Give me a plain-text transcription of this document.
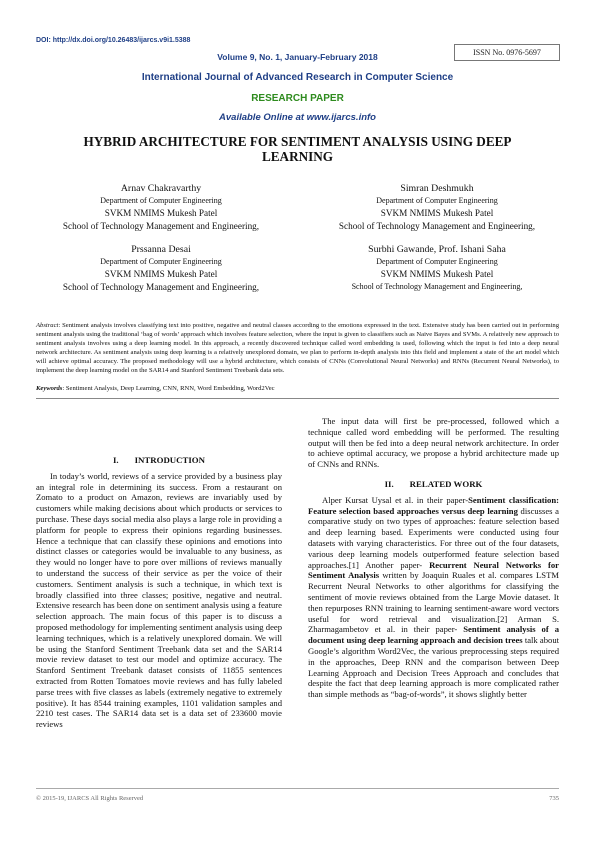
DOI: http://dx.doi.org/10.26483/ijarcs.v9i1.5388
ISSN No. 0976-5697
Volume 9, No. 1, January-February 2018
International Journal of Advanced Research in Computer Science
RESEARCH PAPER
Available Online at www.ijarcs.info
HYBRID ARCHITECTURE FOR SENTIMENT ANALYSIS USING DEEP LEARNING
Arnav Chakravarthy
Department of Computer Engineering
SVKM NMIMS Mukesh Patel
School of Technology Management and Engineering,
Simran Deshmukh
Department of Computer Engineering
SVKM NMIMS Mukesh Patel
School of Technology Management and Engineering,
Prssanna Desai
Department of Computer Engineering
SVKM NMIMS Mukesh Patel
School of Technology Management and Engineering,
Surbhi Gawande, Prof. Ishani Saha
Department of Computer Engineering
SVKM NMIMS Mukesh Patel
School of Technology Management and Engineering,
Abstract: Sentiment analysis involves classifying text into positive, negative and neutral classes according to the emotions expressed in the text. Extensive study has been carried out in performing sentiment analysis using the traditional ‘bag of words’ approach which involves feature selection, where the input is given to classifiers such as Naive Bayes and SVMs. A relatively new approach to sentiment analysis involves using a deep learning model. In this approach, a recently discovered technique called word embedding is used, following which the input is fed into a deep neural network architecture. As sentiment analysis using deep learning is a relatively unexplored domain, we plan to perform in-depth analysis into this field and implement a state of the art model which will achieve optimal accuracy. The proposed methodology will use a hybrid architecture, which consists of CNNs (Convolutional Neural Networks) and RNNs (Recurrent Neural Networks), to implement the deep learning model on the SAR14 and Stanford Sentiment Treebank data sets.
Keywords: Sentiment Analysis, Deep Learning, CNN, RNN, Word Embedding, Word2Vec
I. INTRODUCTION

In today’s world, reviews of a service provided by a business play an integral role in determining its success. From a restaurant on Zomato to a product on Amazon, reviews are invariably used by customers while making decisions about which products or services to purchase. These days social media also plays a large role in providing a platform for people to express their opinions regarding businesses. Hence a technique that can classify these opinions and emotions into distinct classes or categories would be invaluable to any business, as they would no longer have to pore over millions of reviews manually to understand the success of their service as per the voice of their customers. Sentiment analysis is such a technique, in which text is broadly classified into three classes; positive, negative and neutral. Extensive research has been done on sentiment analysis using a feature selection approach. The main focus of this paper is to discuss a proposed methodology for implementing sentiment analysis using deep learning techniques, which is a relatively unexplored domain. We will be using the Stanford Sentiment Treebank data set and the SAR14 movie review dataset to test our model and optimize accuracy. The Stanford Sentiment Treebank dataset consists of 11855 sentences extracted from Rotten Tomatoes movie reviews and has fully labeled parse trees with five classes as labels (extremely negative to extremely positive). It has 8544 training examples, 1101 validation samples and 2210 test cases. The SAR14 data set is a data set of 233600 movie reviews

The input data will first be pre-processed, followed which a technique called word embedding will be performed. The resulting output will then be fed into a deep neural network architecture. In order to achieve optimal accuracy, we propose a hybrid architecture made up of CNNs and RNNs.

II. RELATED WORK

Alper Kursat Uysal et al. in their paper-Sentiment classification: Feature selection based approaches versus deep learning discusses a comparative study on two types of approaches: feature selection based and deep learning based. Experiments were conducted using four datasets with varying characteristics. For three out of the four datasets, various deep learning models outperformed feature selection based approaches.[1] Another paper- Recurrent Neural Networks for Sentiment Analysis written by Joaquin Ruales et al. compares LSTM Recurrent Neural Networks to other algorithms for classifying the sentiment of movie reviews obtained from the Large Movie dataset. It then repurposes RNN training to learning sentiment-aware word vectors useful for word retrieval and visualization.[2] Arman S. Zharmagambetov et al. in their paper- Sentiment analysis of a document using deep learning approach and decision trees talk about Google’s algorithm Word2Vec, the various preprocessing steps required in the approaches, Deep RNN and the comparison between Deep Learning Approach and Decision Trees Approach and concludes that despite the fact that deep learning approach is more complicated rather than simple methods as “bag-of-words”, it shows slightly better

© 2015-19, IJARCS All Rights Reserved	735
